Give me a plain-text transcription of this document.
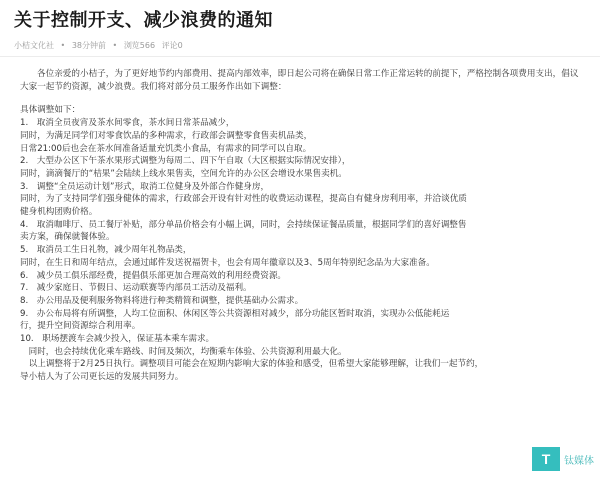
关于控制开支、减少浪费的通知
小桔文化社 • 38分钟前 • 浏览566 评论0

各位亲爱的小桔子，为了更好地节约内部费用、提高内部效率，即日起公司将在确保日常工作正常运转的前提下，严格控制各项费用支出，倡议大家一起节约资源，减少浪费。我们将对部分员工服务作出如下调整：

具体调整如下：

1.　取消全员夜宵及茶水间零食，茶水间日常茶品减少，

同时，为满足同学们对零食饮品的多种需求，行政部会调整零食售卖机品类，

日常21:00后也会在茶水间准备适量充饥类小食品，有需求的同学可以自取。

2.　大型办公区下午茶水果形式调整为每周二、四下午自取（大区根据实际情况安排），

同时，滴滴餐厅的“桔果”会陆续上线水果售卖，空间允许的办公区会增设水果售卖机。

3.　调整“全员运动计划”形式，取消工位健身及外部合作健身房，

同时，为了支持同学们强身健体的需求，行政部会开设有针对性的收费运动课程，提高自有健身房利用率，并洽谈优质

健身机构团购价格。

4.　取消咖啡厅、员工餐厅补贴，部分单品价格会有小幅上调，同时，会持续保证餐品质量，根据同学们的喜好调整售

卖方案，确保就餐体验。

5.　取消员工生日礼物，减少周年礼物品类，

同时，在生日和周年结点，会通过邮件发送祝福贺卡，也会有周年徽章以及3、5周年特别纪念品为大家准备。

6.　减少员工俱乐部经费，提倡俱乐部更加合理高效的利用经费资源。

7.　减少家庭日、节假日、运动联赛等内部员工活动及福利。

8.　办公用品及便利服务物料将进行种类精简和调整，提供基础办公需求。

9.　办公布局将有所调整，人均工位面积、休闲区等公共资源相对减少，部分功能区暂时取消，实现办公低能耗运

行，提升空间资源综合利用率。

10.　职场摆渡车会减少投入，保证基本乘车需求。

　同时，也会持续优化乘车路线、时间及频次，均衡乘车体验、公共资源利用最大化。

　以上调整将于2月25日执行。调整项目可能会在短期内影响大家的体验和感受，但希望大家能够理解，让我们一起节约，

导小桔人为了公司更长远的发展共同努力。

T	钛媒体
